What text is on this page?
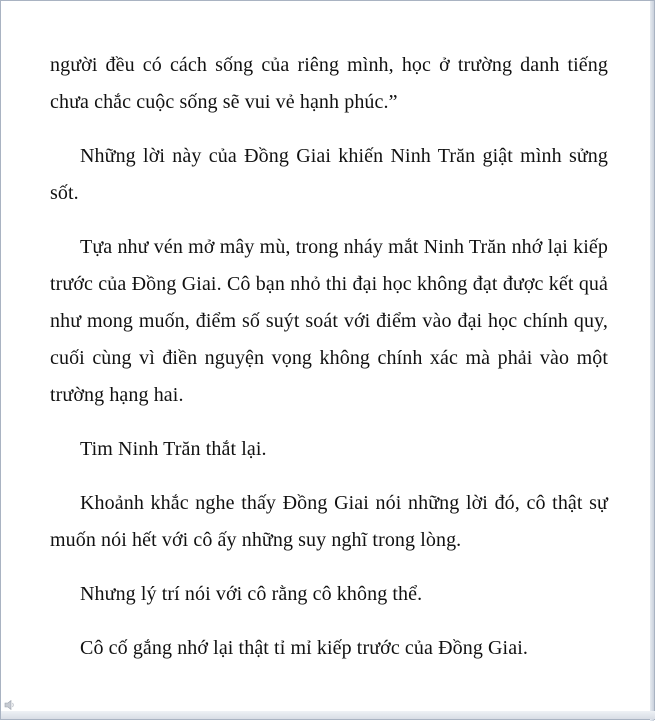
người đều có cách sống của riêng mình, học ở trường danh tiếng chưa chắc cuộc sống sẽ vui vẻ hạnh phúc.”

Những lời này của Đồng Giai khiến Ninh Trăn giật mình sửng sốt.

Tựa như vén mở mây mù, trong nháy mắt Ninh Trăn nhớ lại kiếp trước của Đồng Giai. Cô bạn nhỏ thi đại học không đạt được kết quả như mong muốn, điểm số suýt soát với điểm vào đại học chính quy, cuối cùng vì điền nguyện vọng không chính xác mà phải vào một trường hạng hai.

Tim Ninh Trăn thắt lại.

Khoảnh khắc nghe thấy Đồng Giai nói những lời đó, cô thật sự muốn nói hết với cô ấy những suy nghĩ trong lòng.

Nhưng lý trí nói với cô rằng cô không thể.

Cô cố gắng nhớ lại thật tỉ mỉ kiếp trước của Đồng Giai.
